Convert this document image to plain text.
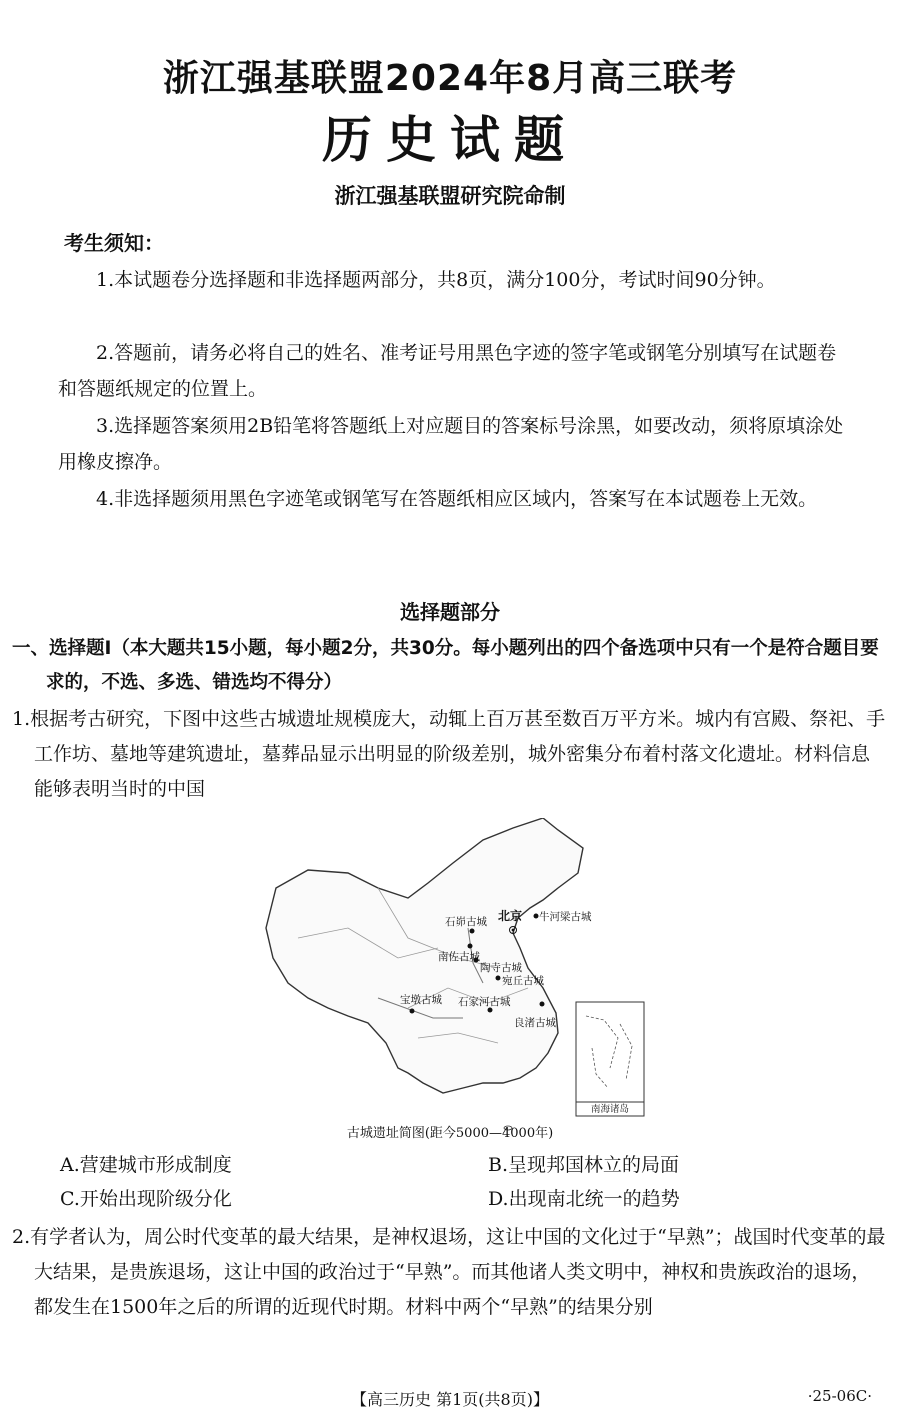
浙江强基联盟2024年8月高三联考
历史试题
浙江强基联盟研究院命制
考生须知：
1.本试题卷分选择题和非选择题两部分，共8页，满分100分，考试时间90分钟。
2.答题前，请务必将自己的姓名、准考证号用黑色字迹的签字笔或钢笔分别填写在试题卷和答题纸规定的位置上。
3.选择题答案须用2B铅笔将答题纸上对应题目的答案标号涂黑，如要改动，须将原填涂处用橡皮擦净。
4.非选择题须用黑色字迹笔或钢笔写在答题纸相应区域内，答案写在本试题卷上无效。
选择题部分
一、选择题Ⅰ（本大题共15小题，每小题2分，共30分。每小题列出的四个备选项中只有一个是符合题目要求的，不选、多选、错选均不得分）
1.根据考古研究，下图中这些古城遗址规模庞大，动辄上百万甚至数百万平方米。城内有宫殿、祭祀、手工作坊、墓地等建筑遗址，墓葬品显示出明显的阶级差别，城外密集分布着村落文化遗址。材料信息能够表明当时的中国
北京 牛河梁古城
石峁古城
陶寺古城
南佐古城
宛丘古城
宝墩古城 石家河古城
良渚古城
南海诸岛
古城遗址简图(距今5000—4000年)
A.营建城市形成制度	B.呈现邦国林立的局面
C.开始出现阶级分化	D.出现南北统一的趋势
2.有学者认为，周公时代变革的最大结果，是神权退场，这让中国的文化过于“早熟”；战国时代变革的最大结果，是贵族退场，这让中国的政治过于“早熟”。而其他诸人类文明中，神权和贵族政治的退场，都发生在1500年之后的所谓的近现代时期。材料中两个“早熟”的结果分别
【高三历史 第1页(共8页)】	·25-06C·
